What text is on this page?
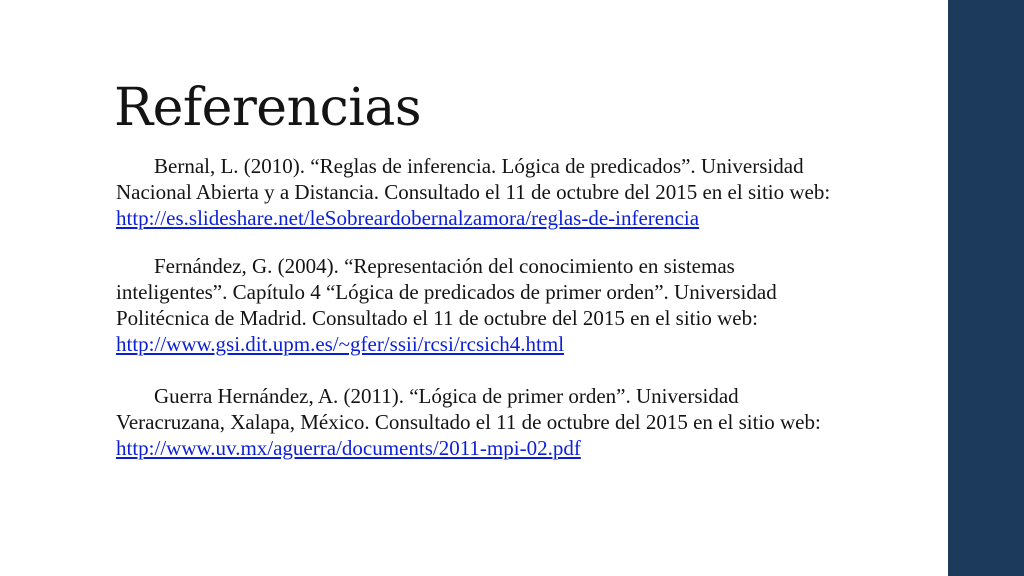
Referencias

Bernal, L. (2010). “Reglas de inferencia. Lógica de predicados”. Universidad Nacional Abierta y a Distancia. Consultado el 11 de octubre del 2015 en el sitio web:
http://es.slideshare.net/leSobreardobernalzamora/reglas-de-inferencia

Fernández, G. (2004). “Representación del conocimiento en sistemas inteligentes”. Capítulo 4 “Lógica de predicados de primer orden”. Universidad Politécnica de Madrid. Consultado el 11 de octubre del 2015 en el sitio web:
http://www.gsi.dit.upm.es/~gfer/ssii/rcsi/rcsich4.html

Guerra Hernández, A. (2011). “Lógica de primer orden”. Universidad Veracruzana, Xalapa, México. Consultado el 11 de octubre del 2015 en el sitio web: http://www.uv.mx/aguerra/documents/2011-mpi-02.pdf
